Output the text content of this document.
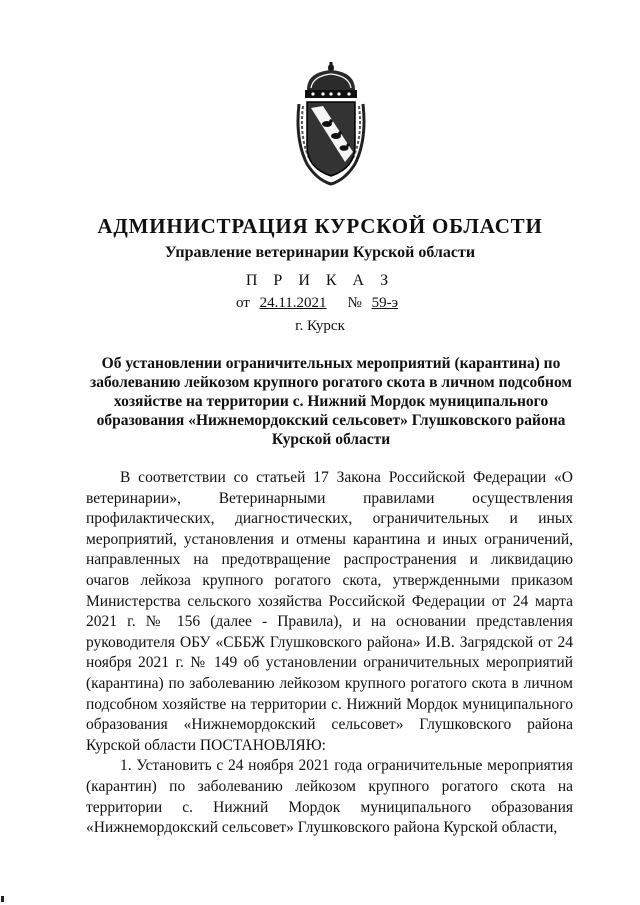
АДМИНИСТРАЦИЯ КУРСКОЙ ОБЛАСТИ
Управление ветеринарии Курской области
П Р И К А З
от 24.11.2021 № 59-э
г. Курск
Об установлении ограничительных мероприятий (карантина) по
заболеванию лейкозом крупного рогатого скота в личном подсобном
хозяйстве на территории с. Нижний Мордок муниципального
образования «Нижнемордокский сельсовет» Глушковского района
Курской области

В соответствии со статьей 17 Закона Российской Федерации «О ветеринарии», Ветеринарными правилами осуществления профилактических, диагностических, ограничительных и иных мероприятий, установления и отмены карантина и иных ограничений, направленных на предотвращение распространения и ликвидацию очагов лейкоза крупного рогатого скота, утвержденными приказом Министерства сельского хозяйства Российской Федерации от 24 марта 2021 г. № 156 (далее - Правила), и на основании представления руководителя ОБУ «СББЖ Глушковского района» И.В. Загрядской от 24 ноября 2021 г. № 149 об установлении ограничительных мероприятий (карантина) по заболеванию лейкозом крупного рогатого скота в личном подсобном хозяйстве на территории с. Нижний Мордок муниципального образования «Нижнемордокский сельсовет» Глушковского района Курской области ПОСТАНОВЛЯЮ:

1. Установить с 24 ноября 2021 года ограничительные мероприятия (карантин) по заболеванию лейкозом крупного рогатого скота на территории с. Нижний Мордок муниципального образования «Нижнемордокский сельсовет» Глушковского района Курской области,
